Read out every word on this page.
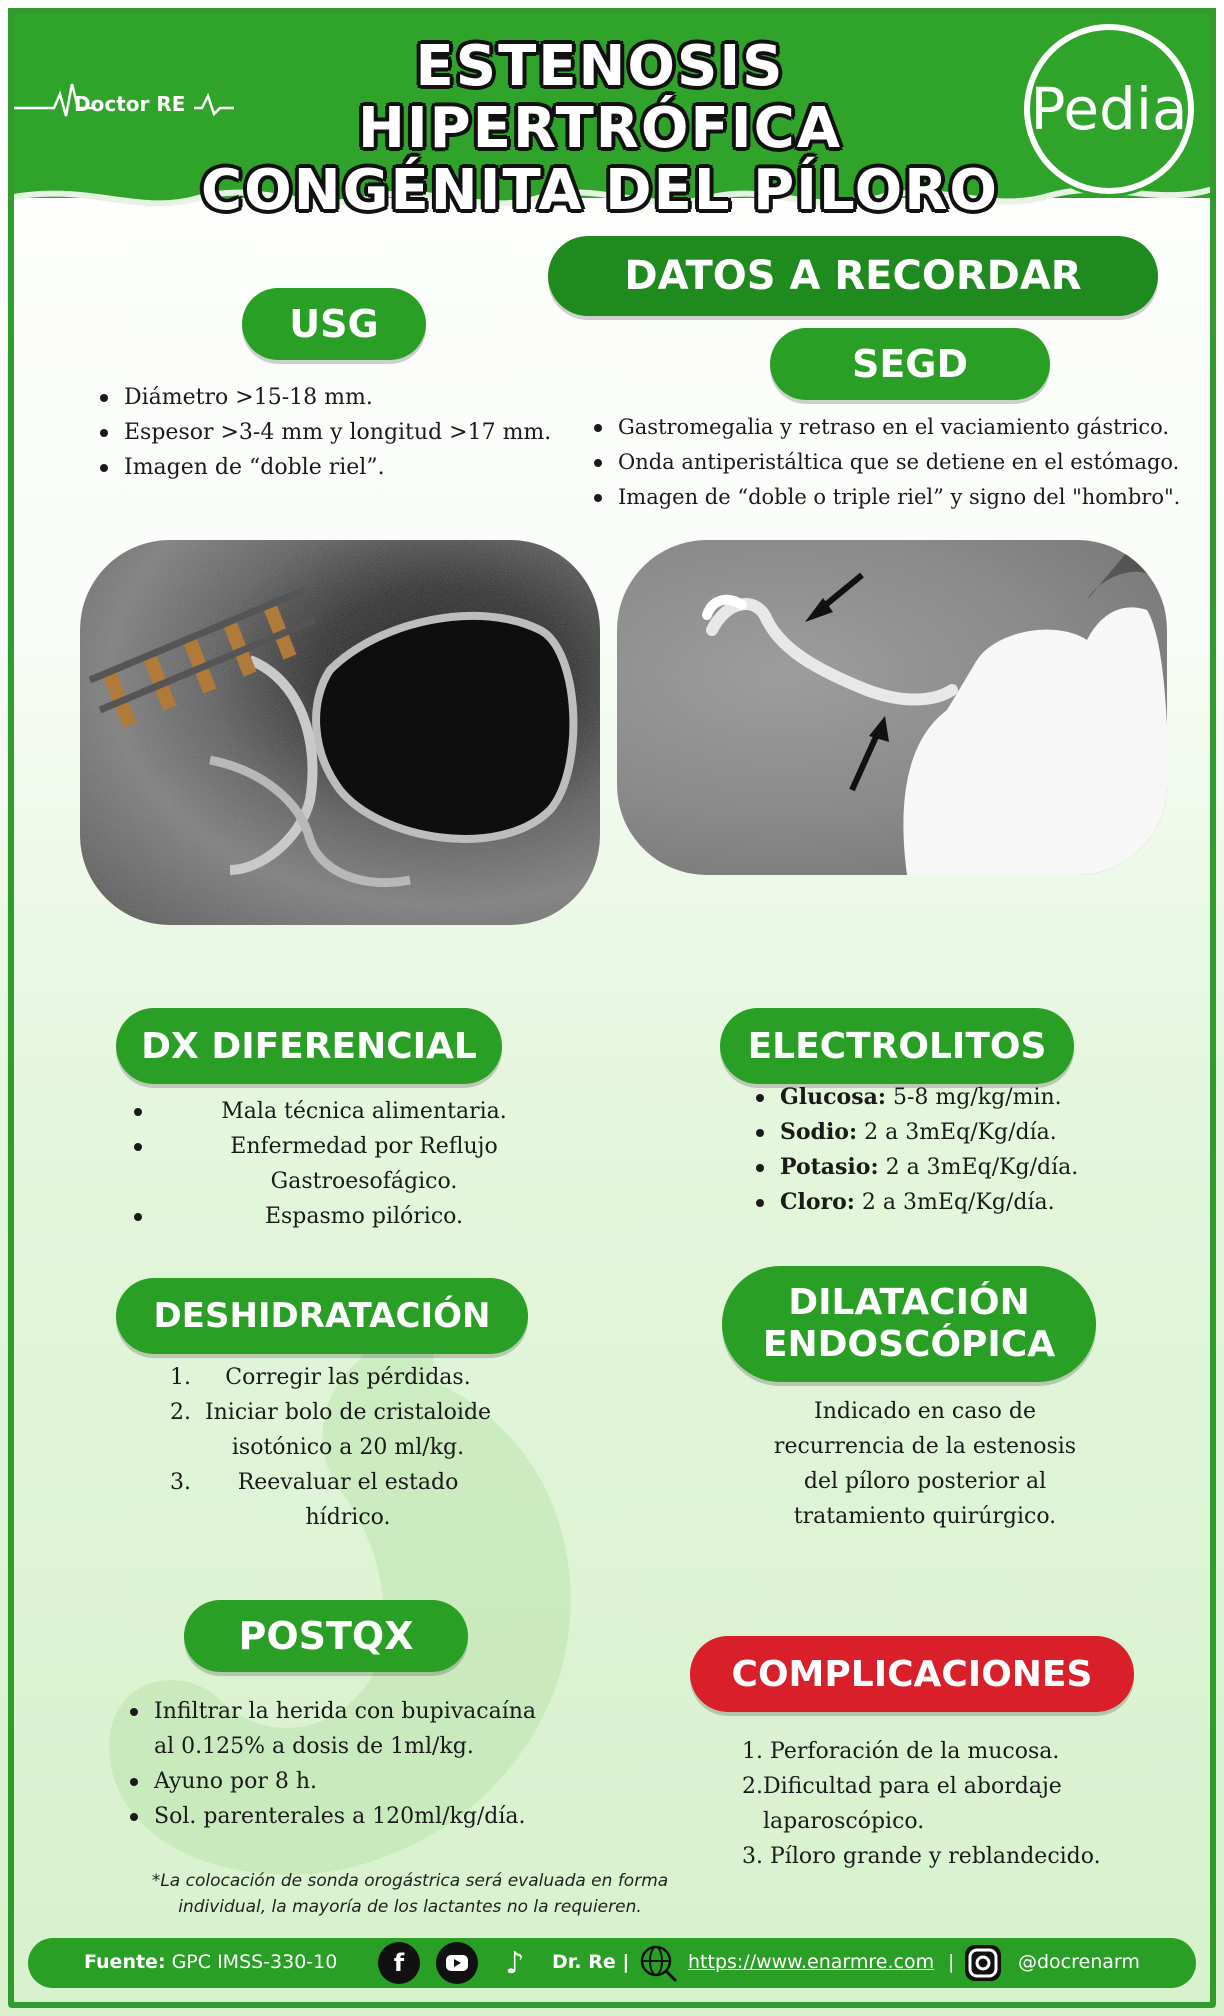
Doctor RE
ESTENOSIS HIPERTRÓFICA
CONGÉNITA DEL PÍLORO
Pedia
DATOS A RECORDAR
USG
Diámetro >15-18 mm.
Espesor >3-4 mm y longitud >17 mm.
Imagen de “doble riel”.
SEGD
Gastromegalia y retraso en el vaciamiento gástrico.
Onda antiperistáltica que se detiene en el estómago.
Imagen de “doble o triple riel” y signo del "hombro".
DX DIFERENCIAL
Mala técnica alimentaria.
Enfermedad por Reflujo Gastroesofágico.
Espasmo pilórico.
ELECTROLITOS
Glucosa: 5-8 mg/kg/min.
Sodio: 2 a 3mEq/Kg/día.
Potasio: 2 a 3mEq/Kg/día.
Cloro: 2 a 3mEq/Kg/día.
DESHIDRATACIÓN
1. Corregir las pérdidas.
2. Iniciar bolo de cristaloide isotónico a 20 ml/kg.
3. Reevaluar el estado hídrico.
DILATACIÓN
ENDOSCÓPICA
Indicado en caso de recurrencia de la estenosis del píloro posterior al tratamiento quirúrgico.
POSTQX
Infiltrar la herida con bupivacaína al 0.125% a dosis de 1ml/kg.
Ayuno por 8 h.
Sol. parenterales a 120ml/kg/día.
COMPLICACIONES
1. Perforación de la mucosa.
2. Dificultad para el abordaje laparoscópico.
3. Píloro grande y reblandecido.
*La colocación de sonda orogástrica será evaluada en forma individual, la mayoría de los lactantes no la requieren.
Fuente: GPC IMSS-330-10	f	♪	Dr. Re |	https://www.enarmre.com |	@docrenarm
